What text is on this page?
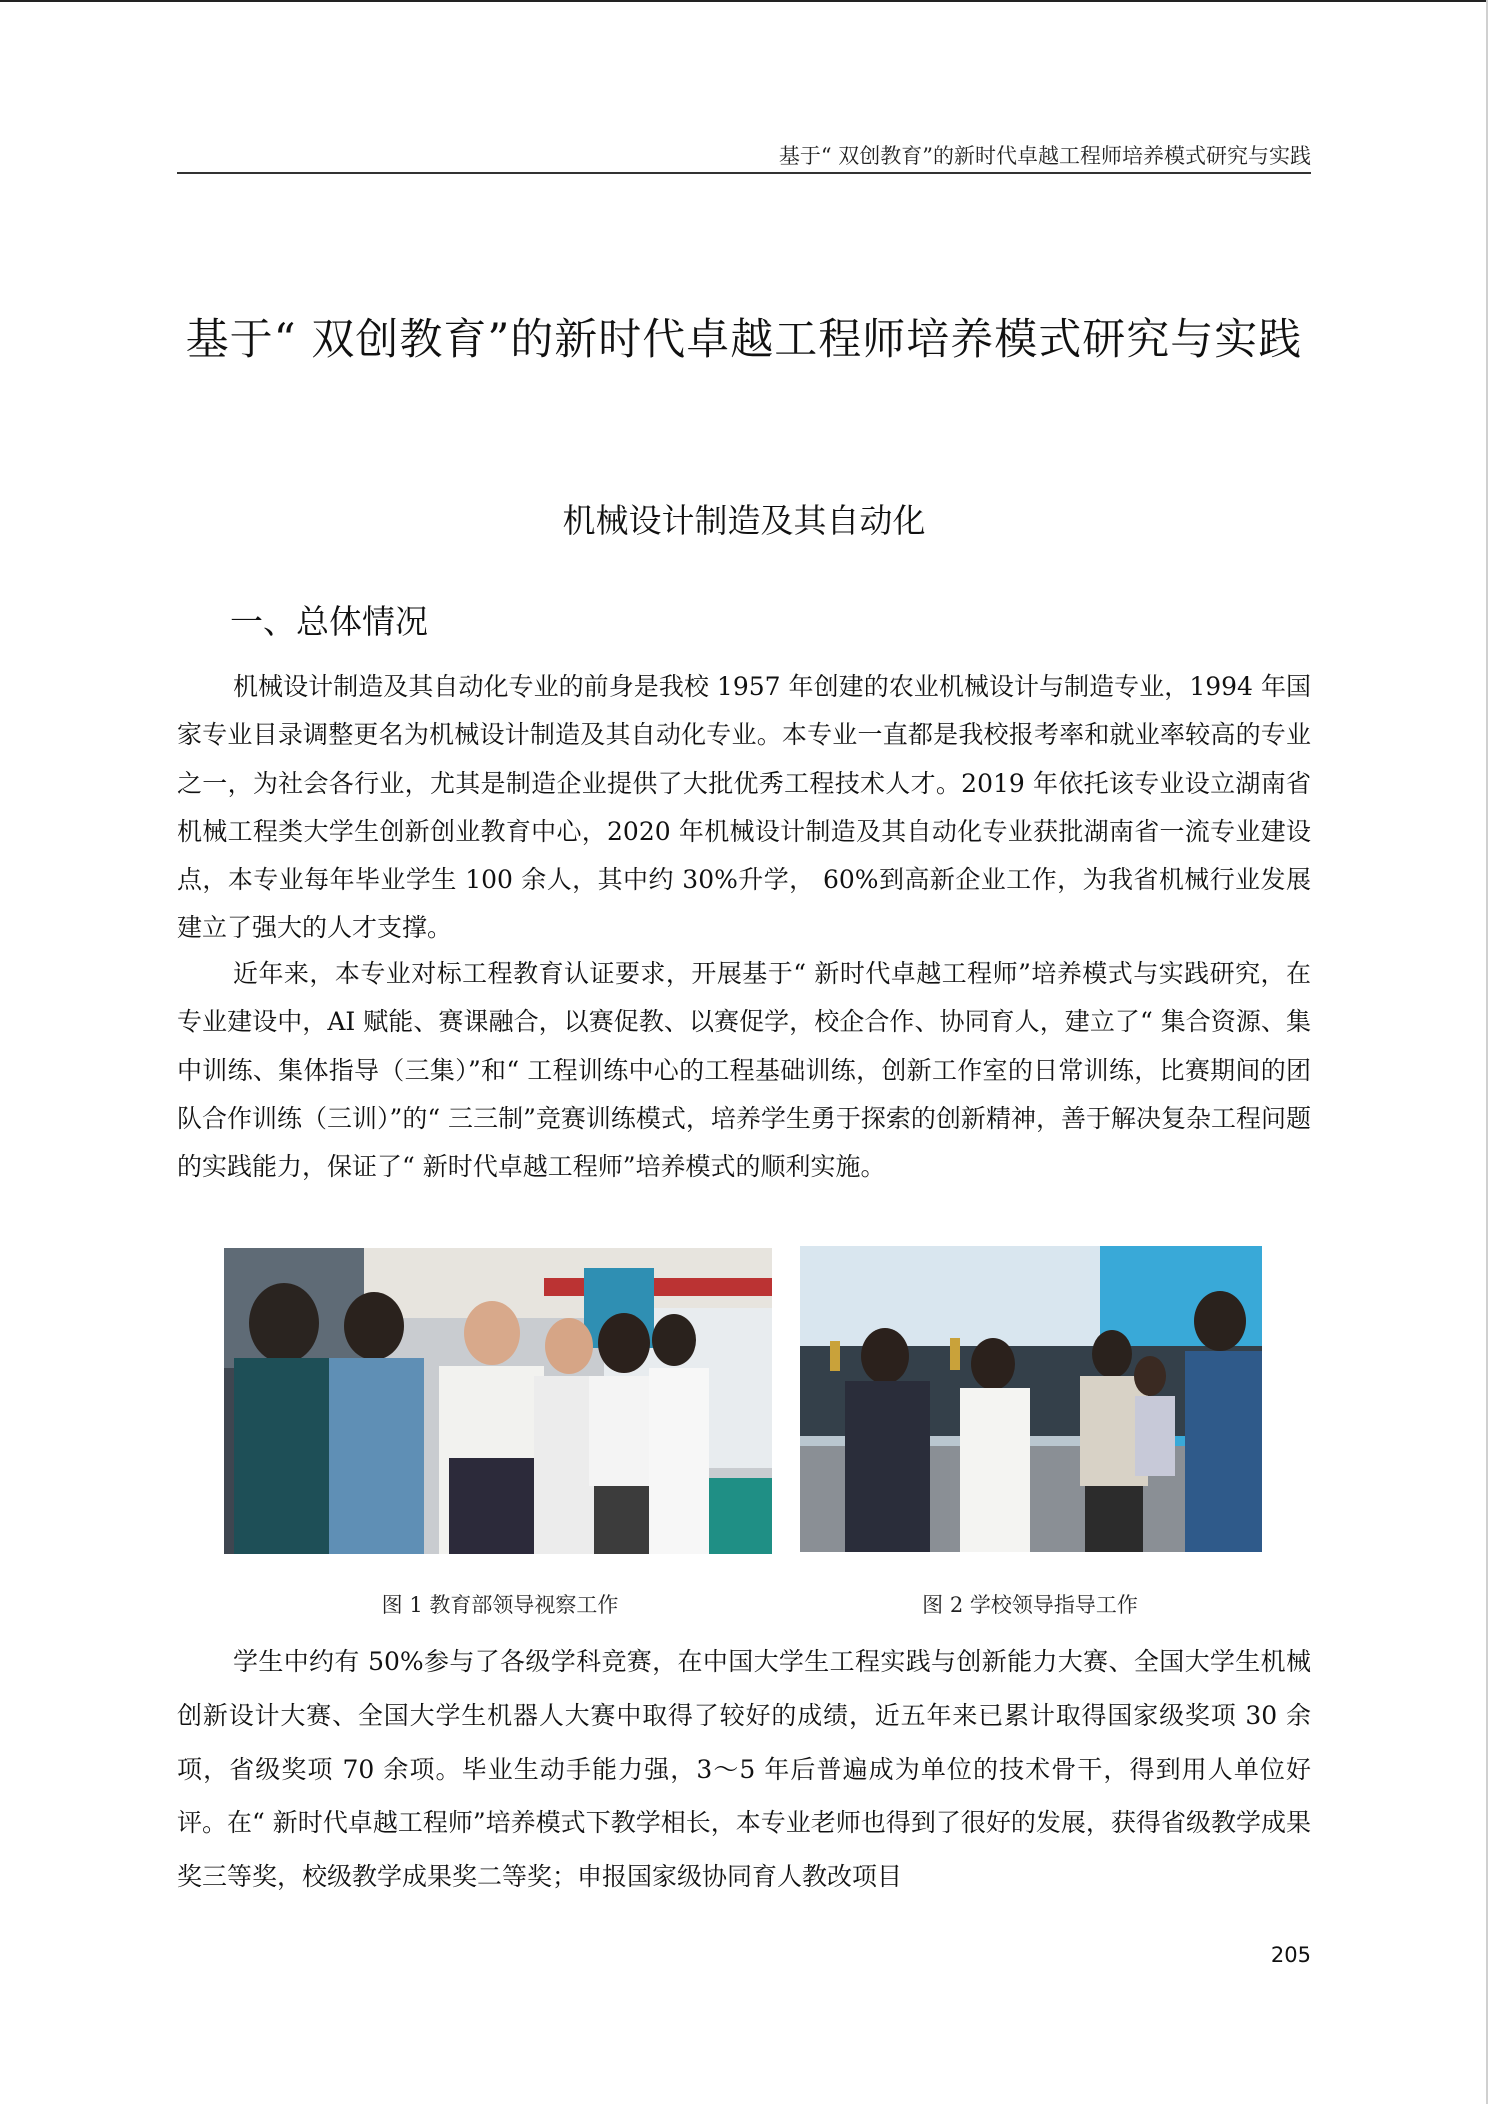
基于“ 双创教育”的新时代卓越工程师培养模式研究与实践
基于“ 双创教育”的新时代卓越工程师培养模式研究与实践
机械设计制造及其自动化
一、总体情况

机械设计制造及其自动化专业的前身是我校 1957 年创建的农业机械设计与制造专业，1994 年国家专业目录调整更名为机械设计制造及其自动化专业。本专业一直都是我校报考率和就业率较高的专业之一，为社会各行业，尤其是制造企业提供了大批优秀工程技术人才。2019 年依托该专业设立湖南省机械工程类大学生创新创业教育中心，2020 年机械设计制造及其自动化专业获批湖南省一流专业建设点，本专业每年毕业学生 100 余人，其中约 30%升学， 60%到高新企业工作，为我省机械行业发展建立了强大的人才支撑。

近年来，本专业对标工程教育认证要求，开展基于“ 新时代卓越工程师”培养模式与实践研究，在专业建设中，AI 赋能、赛课融合，以赛促教、以赛促学，校企合作、协同育人，建立了“ 集合资源、集中训练、集体指导（三集）”和“ 工程训练中心的工程基础训练，创新工作室的日常训练，比赛期间的团队合作训练（三训）”的“ 三三制”竞赛训练模式，培养学生勇于探索的创新精神，善于解决复杂工程问题的实践能力，保证了“ 新时代卓越工程师”培养模式的顺利实施。

图 1 教育部领导视察工作	图 2 学校领导指导工作

学生中约有 50%参与了各级学科竞赛，在中国大学生工程实践与创新能力大赛、全国大学生机械创新设计大赛、全国大学生机器人大赛中取得了较好的成绩，近五年来已累计取得国家级奖项 30 余项，省级奖项 70 余项。毕业生动手能力强，3～5 年后普遍成为单位的技术骨干，得到用人单位好评。在“ 新时代卓越工程师”培养模式下教学相长，本专业老师也得到了很好的发展，获得省级教学成果奖三等奖，校级教学成果奖二等奖；申报国家级协同育人教改项目

205
